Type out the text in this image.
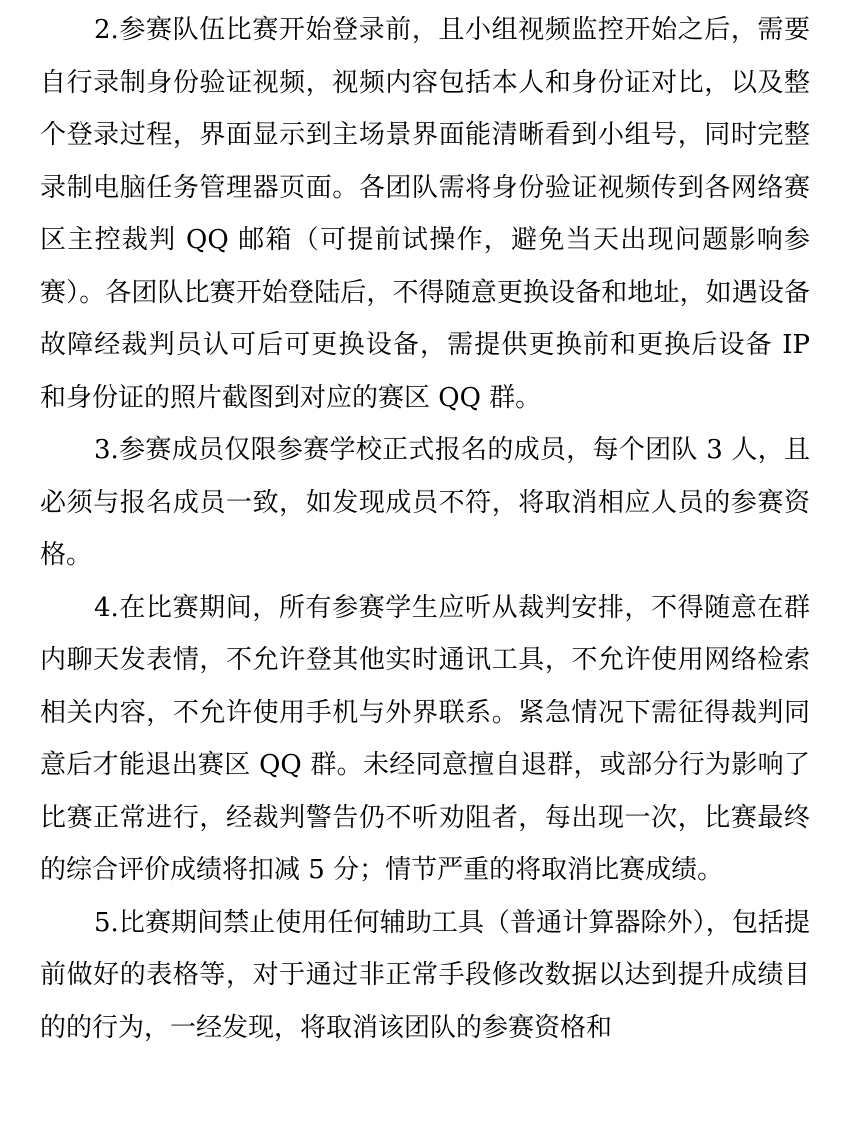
2.参赛队伍比赛开始登录前，且小组视频监控开始之后，需要自行录制身份验证视频，视频内容包括本人和身份证对比，以及整个登录过程，界面显示到主场景界面能清晰看到小组号，同时完整录制电脑任务管理器页面。各团队需将身份验证视频传到各网络赛区主控裁判 QQ 邮箱（可提前试操作，避免当天出现问题影响参赛）。各团队比赛开始登陆后，不得随意更换设备和地址，如遇设备故障经裁判员认可后可更换设备，需提供更换前和更换后设备 IP 和身份证的照片截图到对应的赛区 QQ 群。

3.参赛成员仅限参赛学校正式报名的成员，每个团队 3 人，且必须与报名成员一致，如发现成员不符，将取消相应人员的参赛资格。

4.在比赛期间，所有参赛学生应听从裁判安排，不得随意在群内聊天发表情，不允许登其他实时通讯工具，不允许使用网络检索相关内容，不允许使用手机与外界联系。紧急情况下需征得裁判同意后才能退出赛区 QQ 群。未经同意擅自退群，或部分行为影响了比赛正常进行，经裁判警告仍不听劝阻者，每出现一次，比赛最终的综合评价成绩将扣减 5 分；情节严重的将取消比赛成绩。

5.比赛期间禁止使用任何辅助工具（普通计算器除外），包括提前做好的表格等，对于通过非正常手段修改数据以达到提升成绩目的的行为，一经发现，将取消该团队的参赛资格和
